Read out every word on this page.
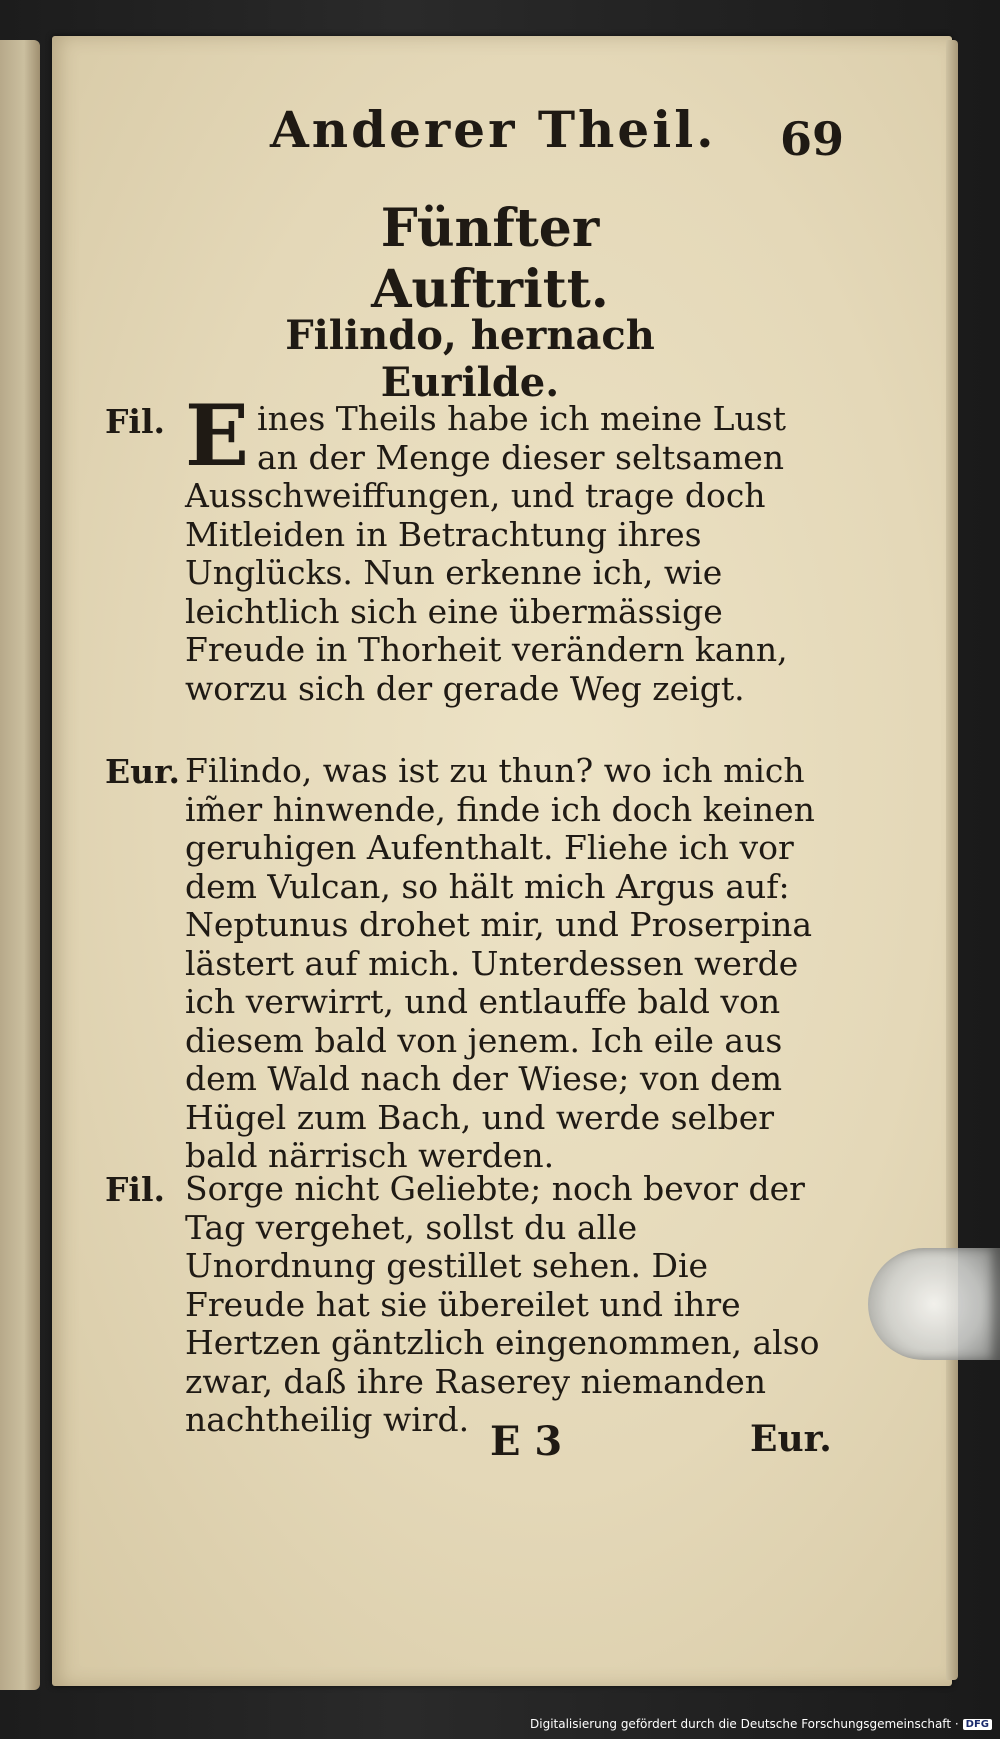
Anderer Theil. 69
Fünfter Auftritt.
Filindo, hernach Eurilde.
Fil. Eines Theils habe ich meine Lust an der Menge dieser seltsamen Ausschweiffungen, und trage doch Mitleiden in Betrachtung ihres Unglücks. Nun erkenne ich, wie leichtlich sich eine übermässige Freude in Thorheit verändern kann, worzu sich der gerade Weg zeigt.
Eur. Filindo, was ist zu thun? wo ich mich im̃er hinwende, finde ich doch keinen geruhigen Aufenthalt. Fliehe ich vor dem Vulcan, so hält mich Argus auf: Neptunus drohet mir, und Proserpina lästert auf mich. Unterdessen werde ich verwirrt, und entlauffe bald von diesem bald von jenem. Ich eile aus dem Wald nach der Wiese; von dem Hügel zum Bach, und werde selber bald närrisch werden.
Fil. Sorge nicht Geliebte; noch bevor der Tag vergehet, sollst du alle Unordnung gestillet sehen. Die Freude hat sie übereilet und ihre Hertzen gäntzlich eingenommen, also zwar, daß ihre Raserey niemanden nachtheilig wird. E 3	Eur.
Digitalisierung gefördert durch die Deutsche Forschungsgemeinschaft · DFG
